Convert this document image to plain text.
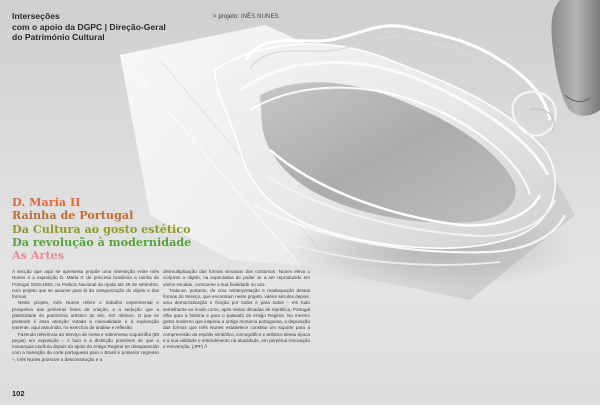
Interseções
com o apoio da DGPC | Direção-Geral
do Património Cultural
> projeto: INÊS NUNES
D. Maria II
Rainha de Portugal
Da Cultura ao gosto estético
Da revolução à modernidade
As Artes

A secção que aqui se apresenta propõe uma interseção entre Inês Nunes e a exposição D. Maria II: de princesa brasileira a rainha de Portugal 1819-1853, no Palácio Nacional da Ajuda até 29 de setembro, num projeto que se assume para lá da categorização do objeto e das formas.

Neste projeto, Inês Nunes refere o trabalho experimental e prospetivo das primeiras fases de criação, e a sedução que a plasticidade do património artístico do séc. XIX oferece. O que se pretende é essa atenção votada à manualidade e à exploração inerente, aqui assumida, no exercício de análise e reflexão.

Fazendo referência ao Serviço de mesa e sobremesa coqueirilha (80 peças) em exposição – o luxo e a distinção possíveis de que a monarquia usufruía depois do apoio do Antigo Regime ter desaparecido com a transição da corte portuguesa para o Brasil e posterior regresso –, Inês Nunes promove a desconstrução e a

desmultiplicação das formas sinuosas dos contornos. Nunes eleva o conjunto a objeto, na expectativa de poder vir a ser reproduzido em vários escalas, consoante a sua finalidade ou uso.

Trata-se, portanto, de uma reinterpretação e readequação destas formas do Serviço, que encontram neste projeto, vários séculos depois, uma democratização e fruição por todos e para todos – em tudo semelhante ao modo como, após várias décadas de república, Portugal olha para a história e para o passado do Antigo Regime. No mesmo gesto moderno que inspirou a antiga monarca portuguesa, a depuração das formas que Inês Nunes estabelece constitui um suporte para a compreensão do espólio simbólico, iconográfico e artístico dessa época e a sua validade e entendimento na atualidade, em perpétua renovação e reinvenção. (JPF) //

102
